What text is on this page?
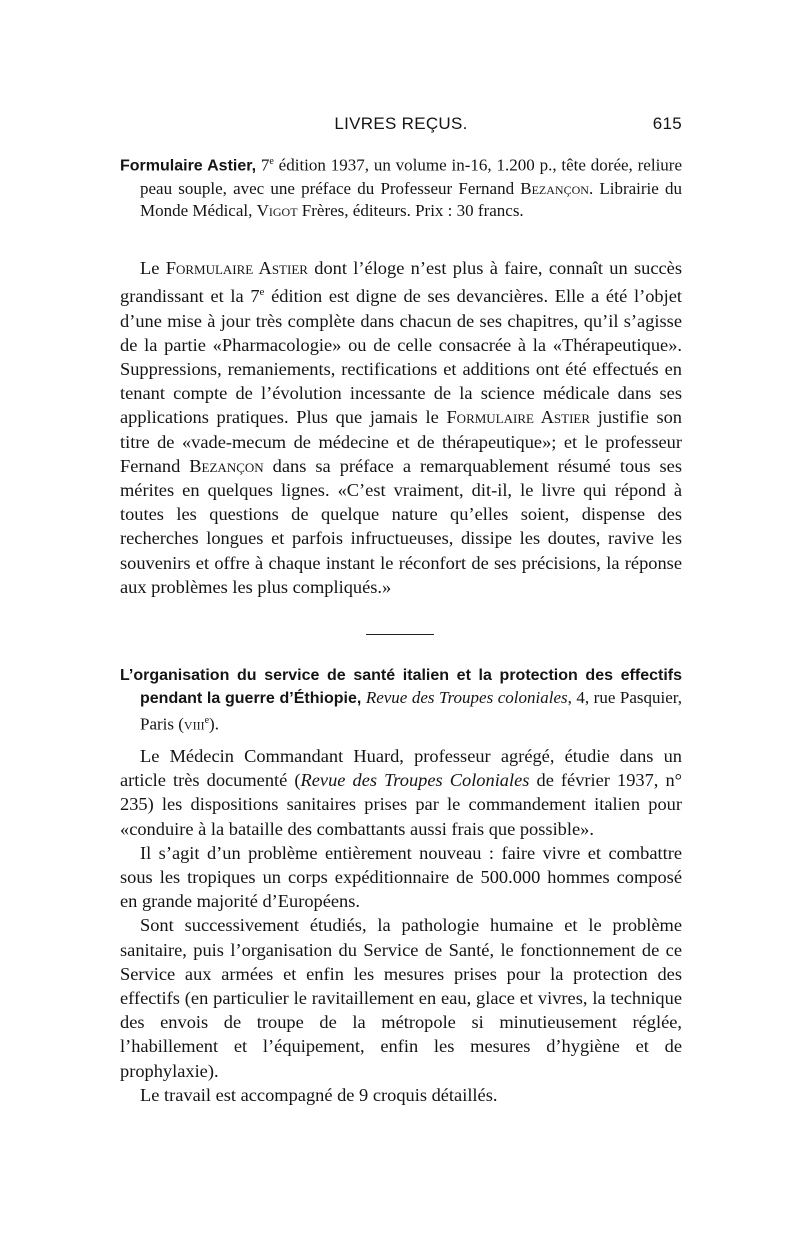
LIVRES REÇUS.	615
Formulaire Astier, 7e édition 1937, un volume in-16, 1.200 p., tête dorée, reliure peau souple, avec une préface du Professeur Fernand Bezançon. Librairie du Monde Médical, Vigot Frères, éditeurs. Prix : 30 francs.

Le Formulaire Astier dont l’éloge n’est plus à faire, connaît un succès grandissant et la 7e édition est digne de ses devancières. Elle a été l’objet d’une mise à jour très complète dans chacun de ses chapitres, qu’il s’agisse de la partie «Pharmacologie» ou de celle consacrée à la «Thérapeutique». Suppressions, remaniements, rectifications et additions ont été effectués en tenant compte de l’évolution incessante de la science médicale dans ses applications pratiques. Plus que jamais le Formulaire Astier justifie son titre de «vade-mecum de médecine et de thérapeutique»; et le professeur Fernand Bezançon dans sa préface a remarquablement résumé tous ses mérites en quelques lignes. «C’est vraiment, dit-il, le livre qui répond à toutes les questions de quelque nature qu’elles soient, dispense des recherches longues et parfois infructueuses, dissipe les doutes, ravive les souvenirs et offre à chaque instant le réconfort de ses précisions, la réponse aux problèmes les plus compliqués.»

L’organisation du service de santé italien et la protection des effectifs pendant la guerre d’Éthiopie, Revue des Troupes coloniales, 4, rue Pasquier, Paris (viii$^e$).

Le Médecin Commandant Huard, professeur agrégé, étudie dans un article très documenté (Revue des Troupes Coloniales de février 1937, n° 235) les dispositions sanitaires prises par le commandement italien pour «conduire à la bataille des combattants aussi frais que possible».

Il s’agit d’un problème entièrement nouveau : faire vivre et combattre sous les tropiques un corps expéditionnaire de 500.000 hommes composé en grande majorité d’Européens.

Sont successivement étudiés, la pathologie humaine et le problème sanitaire, puis l’organisation du Service de Santé, le fonctionnement de ce Service aux armées et enfin les mesures prises pour la protection des effectifs (en particulier le ravitaillement en eau, glace et vivres, la technique des envois de troupe de la métropole si minutieusement réglée, l’habillement et l’équipement, enfin les mesures d’hygiène et de prophylaxie).

Le travail est accompagné de 9 croquis détaillés.
